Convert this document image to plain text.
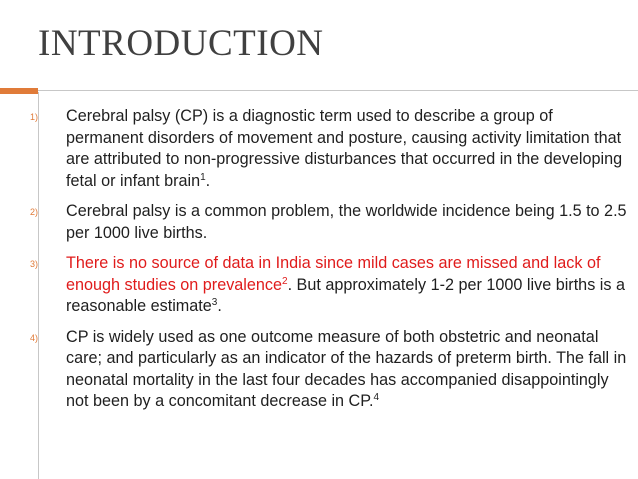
INTRODUCTION
1) Cerebral palsy (CP) is a diagnostic term used to describe a group of permanent disorders of movement and posture, causing activity limitation that are attributed to non-progressive disturbances that occurred in the developing fetal or infant brain$^1$.
2) Cerebral palsy is a common problem, the worldwide incidence being 1.5 to 2.5 per 1000 live births.
3) There is no source of data in India since mild cases are missed and lack of enough studies on prevalence$^2$. But approximately 1-2 per 1000 live births is a reasonable estimate$^3$.
4) CP is widely used as one outcome measure of both obstetric and neonatal care; and particularly as an indicator of the hazards of preterm birth. The fall in neonatal mortality in the last four decades has accompanied disappointingly not been by a concomitant decrease in CP.$^4$
